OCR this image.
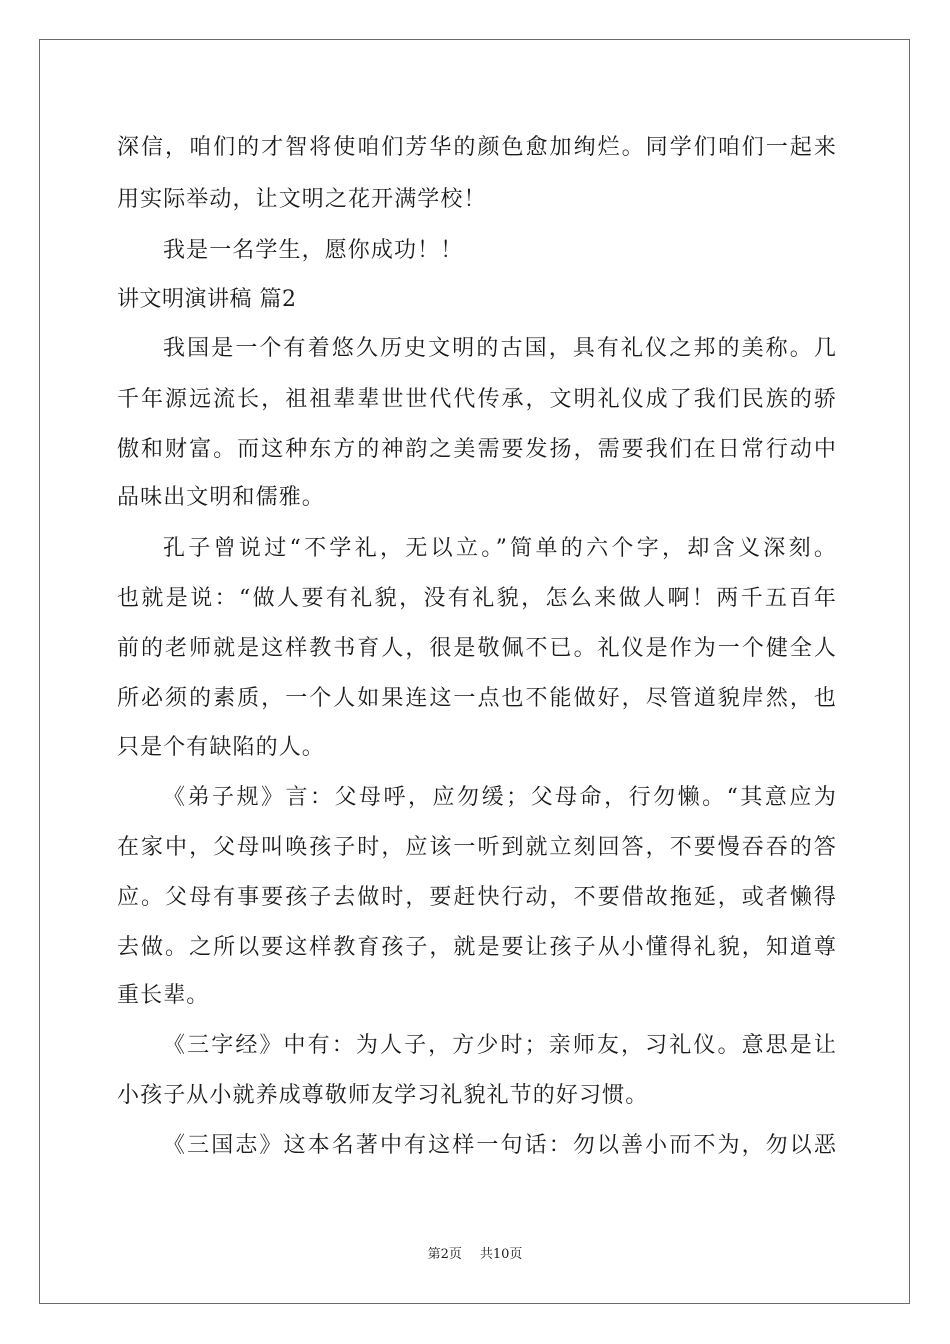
深信，咱们的才智将使咱们芳华的颜色愈加绚烂。同学们咱们一起来
用实际举动，让文明之花开满学校！
我是一名学生，愿你成功！！
讲文明演讲稿 篇2
我国是一个有着悠久历史文明的古国，具有礼仪之邦的美称。几
千年源远流长，祖祖辈辈世世代代传承，文明礼仪成了我们民族的骄
傲和财富。而这种东方的神韵之美需要发扬，需要我们在日常行动中
品味出文明和儒雅。
孔子曾说过“不学礼，无以立。”简单的六个字，却含义深刻。
也就是说：“做人要有礼貌，没有礼貌，怎么来做人啊！两千五百年
前的老师就是这样教书育人，很是敬佩不已。礼仪是作为一个健全人
所必须的素质，一个人如果连这一点也不能做好，尽管道貌岸然，也
只是个有缺陷的人。
《弟子规》言：父母呼，应勿缓；父母命，行勿懒。“其意应为
在家中，父母叫唤孩子时，应该一听到就立刻回答，不要慢吞吞的答
应。父母有事要孩子去做时，要赶快行动，不要借故拖延，或者懒得
去做。之所以要这样教育孩子，就是要让孩子从小懂得礼貌，知道尊
重长辈。
《三字经》中有：为人子，方少时；亲师友，习礼仪。意思是让
小孩子从小就养成尊敬师友学习礼貌礼节的好习惯。
《三国志》这本名著中有这样一句话：勿以善小而不为，勿以恶
第2页 共10页
